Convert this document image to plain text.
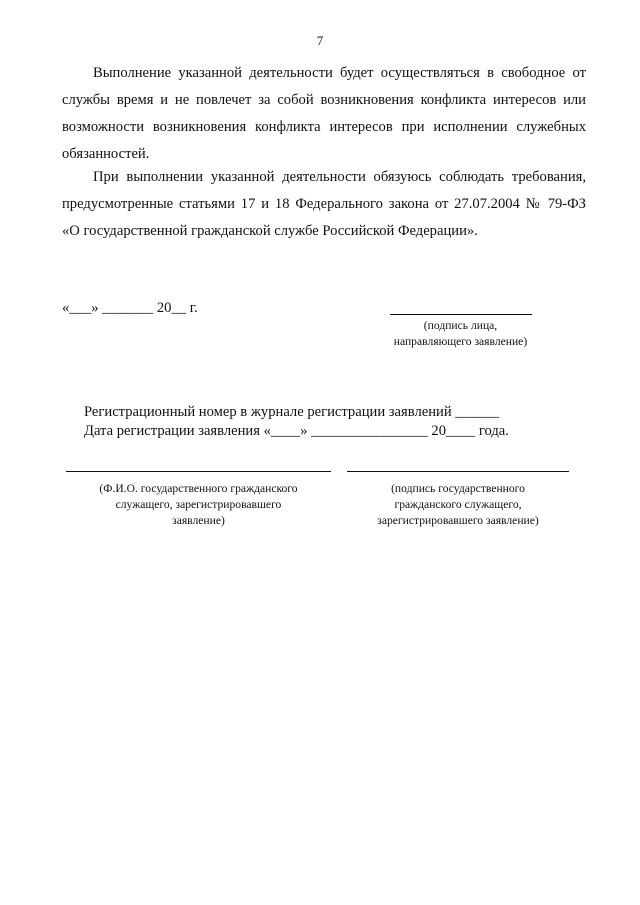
7
Выполнение указанной деятельности будет осуществляться в свободное от
службы время и не повлечет за собой возникновения конфликта интересов или
возможности возникновения конфликта интересов при исполнении служебных
обязанностей.
При выполнении указанной деятельности обязуюсь соблюдать требования,
предусмотренные статьями 17 и 18 Федерального закона от 27.07.2004 № 79-ФЗ
«О государственной гражданской службе Российской Федерации».
«___» _______ 20__ г.
(подпись лица,
направляющего заявление)
Регистрационный номер в журнале регистрации заявлений ______
Дата регистрации заявления «____» ________________ 20____ года.
(Ф.И.О. государственного гражданского
служащего, зарегистрировавшего
заявление)
(подпись государственного
гражданского служащего,
зарегистрировавшего заявление)
